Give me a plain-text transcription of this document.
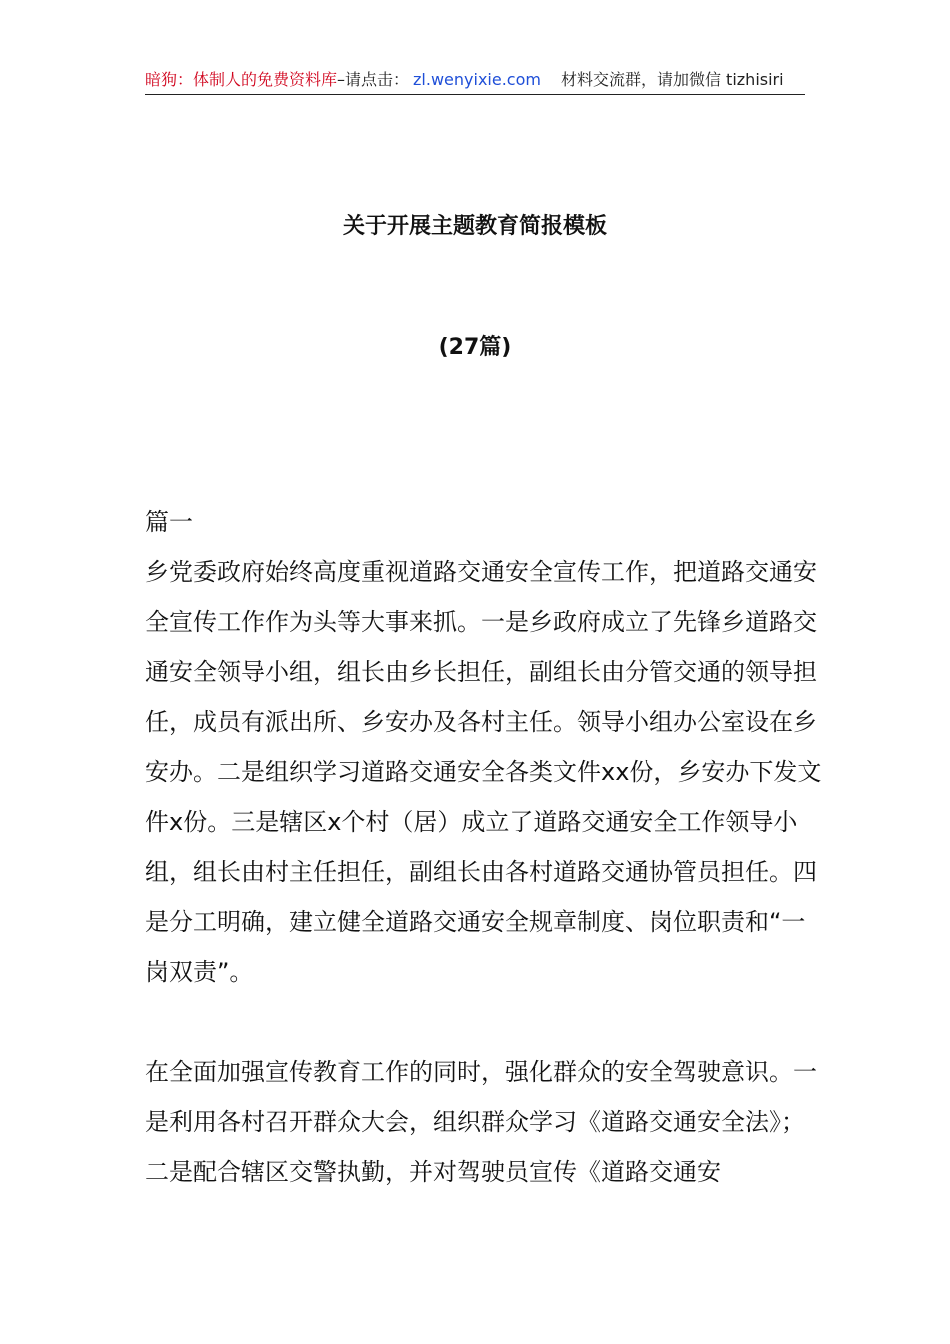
暗狗：体制人的免费资料库–请点击： zl.wenyixie.com 材料交流群，请加微信 tizhisiri
关于开展主题教育简报模板
(27篇)

篇一

乡党委政府始终高度重视道路交通安全宣传工作，把道路交通安全宣传工作作为头等大事来抓。一是乡政府成立了先锋乡道路交通安全领导小组，组长由乡长担任，副组长由分管交通的领导担任，成员有派出所、乡安办及各村主任。领导小组办公室设在乡安办。二是组织学习道路交通安全各类文件xx份，乡安办下发文件x份。三是辖区x个村（居）成立了道路交通安全工作领导小组，组长由村主任担任，副组长由各村道路交通协管员担任。四是分工明确，建立健全道路交通安全规章制度、岗位职责和“一岗双责”。

在全面加强宣传教育工作的同时，强化群众的安全驾驶意识。一是利用各村召开群众大会，组织群众学习《道路交通安全法》；二是配合辖区交警执勤，并对驾驶员宣传《道路交通安
